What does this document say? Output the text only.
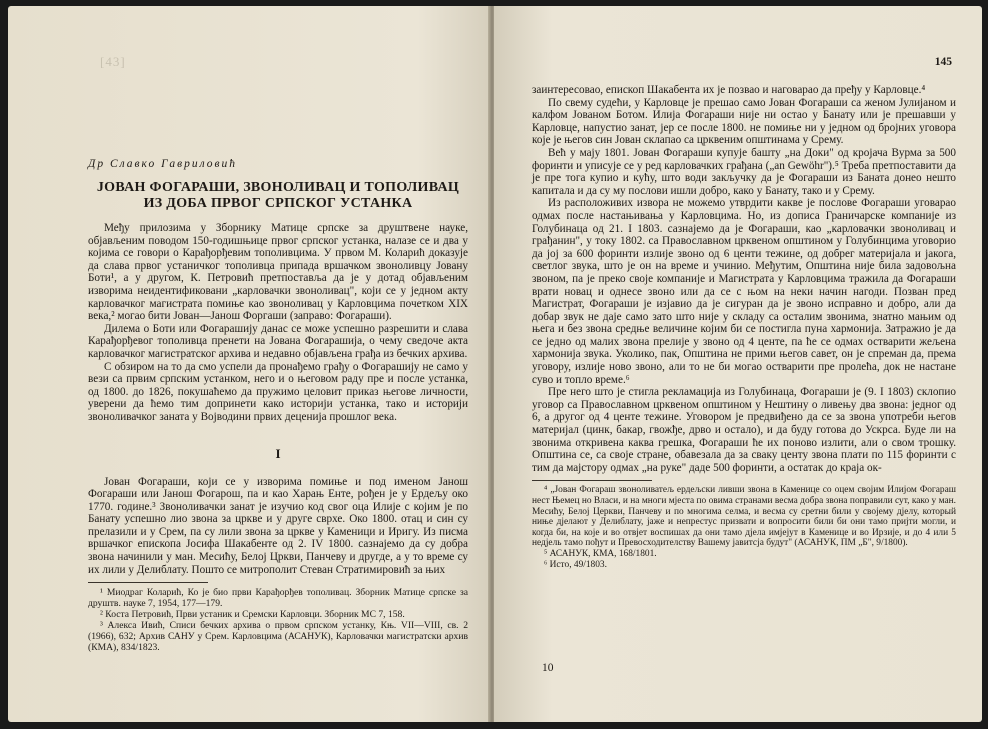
[43]
Др Славко Гавриловић
ЈОВАН ФОГАРАШИ, ЗВОНОЛИВАЦ И ТОПОЛИВАЦ ИЗ ДОБА ПРВОГ СРПСКОГ УСТАНКА

Међу прилозима у Зборнику Матице српске за друштвене науке, објављеним поводом 150-годишњице првог српског устанка, налазе се и два у којима се говори о Карађорђевим тополивцима. У првом М. Коларић доказује да слава првог устаничког тополивца припада вршачком звоноливцу Јовану Боти¹, а у другом, К. Петровић претпоставља да је у дотад објављеним изворима неидентификовани „карловачки звоноливац", који се у једном акту карловачког магистрата помиње као звоноливац у Карловцима почетком XIX века,² могао бити Јован—Јанош Форгаши (заправо: Фогараши).

Дилема о Боти или Фогарашију данас се може успешно разрешити и слава Карађорђевог тополивца пренети на Јована Фогарашија, о чему сведоче акта карловачког магистратског архива и недавно објављена грађа из бечких архива.

С обзиром на то да смо успели да пронађемо грађу о Фогарашију не само у вези са првим српским устанком, него и о његовом раду пре и после устанка, од 1800. до 1826, покушаћемо да пружимо целовит приказ његове личности, уверени да ћемо тим допринети како историји устанка, тако и историји звоноливачког заната у Војводини првих деценија прошлог века.

I

Јован Фогараши, који се у изворима помиње и под именом Јанош Фогараши или Јанош Фогарош, па и као Харањ Енте, рођен је у Ердељу око 1770. године.³ Звоноливачки занат је изучио код свог оца Илије с којим је по Банату успешно лио звона за цркве и у друге сврхе. Око 1800. отац и син су прелазили и у Срем, па су лили звона за цркве у Каменици и Иригу. Из писма вршачког епископа Јосифа Шакабенте од 2. IV 1800. сазнајемо да су добра звона начинили у ман. Месићу, Белој Цркви, Панчеву и другде, а у то време су их лили у Делиблату. Пошто се митрополит Стеван Стратимировић за њих

¹ Миодраг Коларић, Ко је био први Карађорђев тополивац. Зборник Матице српске за друштв. науке 7, 1954, 177—179.
² Коста Петровић, Први устаник и Сремски Карловци. Зборник МС 7, 158.
³ Алекса Ивић, Списи бечких архива о првом српском устанку, Књ. VII—VIII, св. 2 (1966), 632; Архив САНУ у Срем. Карловцима (АСАНУК), Карловачки магистратски архив (КМА), 834/1823.
145

заинтересовао, епископ Шакабента их је позвао и наговарао да пређу у Карловце.⁴

По свему судећи, у Карловце је прешао само Јован Фогараши са женом Јулијаном и калфом Јованом Ботом. Илија Фогараши није ни остао у Банату или је прешавши у Карловце, напустио занат, јер се после 1800. не помиње ни у једном од бројних уговора које је његов син Јован склапао са црквеним општинама у Срему.

Већ у мају 1801. Јован Фогараши купује башту „на Доки" од кројача Вурма за 500 форинти и уписује се у ред карловачких грађана („an Gewöhr").⁵ Треба претпоставити да је пре тога купио и кућу, што води закључку да је Фогараши из Баната донео нешто капитала и да су му послови ишли добро, како у Банату, тако и у Срему.

Из расположивих извора не можемо утврдити какве је послове Фогараши уговарао одмах после настањивања у Карловцима. Но, из дописа Граничарске компаније из Голубинаца од 21. I 1803. сазнајемо да је Фогараши, као „карловачки звоноливац и грађанин", у току 1802. са Православном црквеном општином у Голубинцима уговорио да јој за 600 форинти излије звоно од 6 центи тежине, од добрег материјала и јакога, светлог звука, што је он на време и учинио. Међутим, Општина није била задовољна звоном, па је преко своје компаније и Магистрата у Карловцима тражила да Фогараши врати новац и однесе звоно или да се с њом на неки начин нагоди. Позван пред Магистрат, Фогараши је изјавио да је сигуран да је звоно исправно и добро, али да добар звук не даје само зато што није у складу са осталим звонима, знатно мањим од њега и без звона средње величине којим би се постигла пуна хармонија. Затражио је да се једно од малих звона прелије у звоно од 4 центе, па ће се одмах остварити жељена хармонија звука. Уколико, пак, Општина не прими његов савет, он је спреман да, према уговору, излије ново звоно, али то не би могао остварити пре пролећа, док не настане суво и топло време.⁶

Пре него што је стигла рекламација из Голубинаца, Фогараши је (9. I 1803) склопио уговор са Православном црквеном општином у Нештину о ливењу два звона: једног од 6, а другог од 4 центе тежине. Уговором је предвиђено да се за звона употреби његов материјал (цинк, бакар, гвожђе, дрво и остало), и да буду готова до Ускрса. Буде ли на звонима откривена каква грешка, Фогараши ће их поново излити, али о свом трошку. Општина се, са своје стране, обавезала да за сваку центу звона плати по 115 форинти с тим да мајстору одмах „на руке" даде 500 форинти, а остатак до краја ок-

⁴ „Јован Фогараш звоноливатељ ердељски ливши звона в Каменице со оцем својим Илијом Фогараш нест Њемец но Власи, и на многи мјеста по овима странами весма добра звона поправили сут, како у ман. Месићу, Белој Церкви, Панчеву и по многима селма, и весма су сретни били у своjему дјелу, который ниње дjелают у Делиблату, jажe и непрестус призвати и вопросити били би они тамо пријти могли, и когда би, на које и во отвјет воспишах да они тамо дјела имjеjут в Каменице и во Ирзиjе, и до 4 или 5 недјель тамо пођут и Превосходителству Вашему јавитсја будут" (АСАНУК, ПМ „Б", 9/1800).
⁵ АСАНУК, КМА, 168/1801.
⁶ Исто, 49/1803.
10
